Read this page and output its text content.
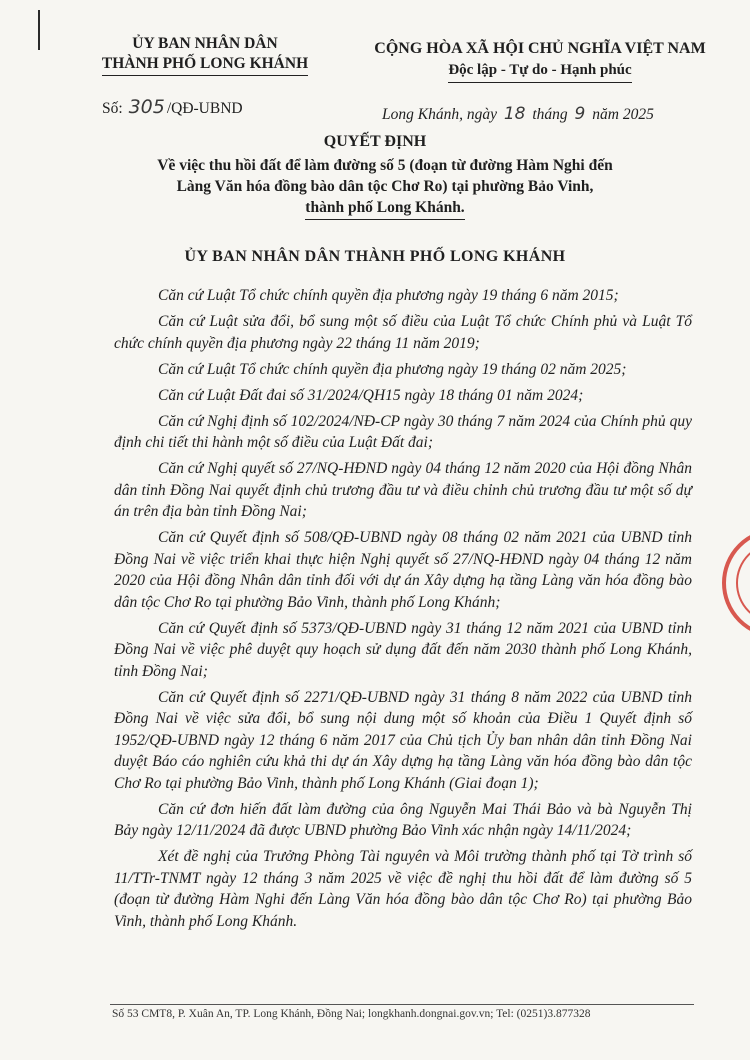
ỦY BAN NHÂN DÂN
THÀNH PHỐ LONG KHÁNH
CỘNG HÒA XÃ HỘI CHỦ NGHĨA VIỆT NAM
Độc lập - Tự do - Hạnh phúc
Số: 305 /QĐ-UBND	Long Khánh, ngày 18 tháng 9 năm 2025
QUYẾT ĐỊNH
Về việc thu hồi đất để làm đường số 5 (đoạn từ đường Hàm Nghi đến
Làng Văn hóa đồng bào dân tộc Chơ Ro) tại phường Bảo Vinh,
thành phố Long Khánh.
ỦY BAN NHÂN DÂN THÀNH PHỐ LONG KHÁNH

Căn cứ Luật Tổ chức chính quyền địa phương ngày 19 tháng 6 năm 2015;

Căn cứ Luật sửa đổi, bổ sung một số điều của Luật Tổ chức Chính phủ và Luật Tổ chức chính quyền địa phương ngày 22 tháng 11 năm 2019;

Căn cứ Luật Tổ chức chính quyền địa phương ngày 19 tháng 02 năm 2025;

Căn cứ Luật Đất đai số 31/2024/QH15 ngày 18 tháng 01 năm 2024;

Căn cứ Nghị định số 102/2024/NĐ-CP ngày 30 tháng 7 năm 2024 của Chính phủ quy định chi tiết thi hành một số điều của Luật Đất đai;

Căn cứ Nghị quyết số 27/NQ-HĐND ngày 04 tháng 12 năm 2020 của Hội đồng Nhân dân tỉnh Đồng Nai quyết định chủ trương đầu tư và điều chỉnh chủ trương đầu tư một số dự án trên địa bàn tỉnh Đồng Nai;

Căn cứ Quyết định số 508/QĐ-UBND ngày 08 tháng 02 năm 2021 của UBND tỉnh Đồng Nai về việc triển khai thực hiện Nghị quyết số 27/NQ-HĐND ngày 04 tháng 12 năm 2020 của Hội đồng Nhân dân tỉnh đối với dự án Xây dựng hạ tầng Làng văn hóa đồng bào dân tộc Chơ Ro tại phường Bảo Vinh, thành phố Long Khánh;

Căn cứ Quyết định số 5373/QĐ-UBND ngày 31 tháng 12 năm 2021 của UBND tỉnh Đồng Nai về việc phê duyệt quy hoạch sử dụng đất đến năm 2030 thành phố Long Khánh, tỉnh Đồng Nai;

Căn cứ Quyết định số 2271/QĐ-UBND ngày 31 tháng 8 năm 2022 của UBND tỉnh Đồng Nai về việc sửa đổi, bổ sung nội dung một số khoản của Điều 1 Quyết định số 1952/QĐ-UBND ngày 12 tháng 6 năm 2017 của Chủ tịch Ủy ban nhân dân tỉnh Đồng Nai duyệt Báo cáo nghiên cứu khả thi dự án Xây dựng hạ tầng Làng văn hóa đồng bào dân tộc Chơ Ro tại phường Bảo Vinh, thành phố Long Khánh (Giai đoạn 1);

Căn cứ đơn hiến đất làm đường của ông Nguyễn Mai Thái Bảo và bà Nguyễn Thị Bảy ngày 12/11/2024 đã được UBND phường Bảo Vinh xác nhận ngày 14/11/2024;

Xét đề nghị của Trưởng Phòng Tài nguyên và Môi trường thành phố tại Tờ trình số 11/TTr-TNMT ngày 12 tháng 3 năm 2025 về việc đề nghị thu hồi đất để làm đường số 5 (đoạn từ đường Hàm Nghi đến Làng Văn hóa đồng bào dân tộc Chơ Ro) tại phường Bảo Vinh, thành phố Long Khánh.

Số 53 CMT8, P. Xuân An, TP. Long Khánh, Đồng Nai; longkhanh.dongnai.gov.vn; Tel: (0251)3.877328
